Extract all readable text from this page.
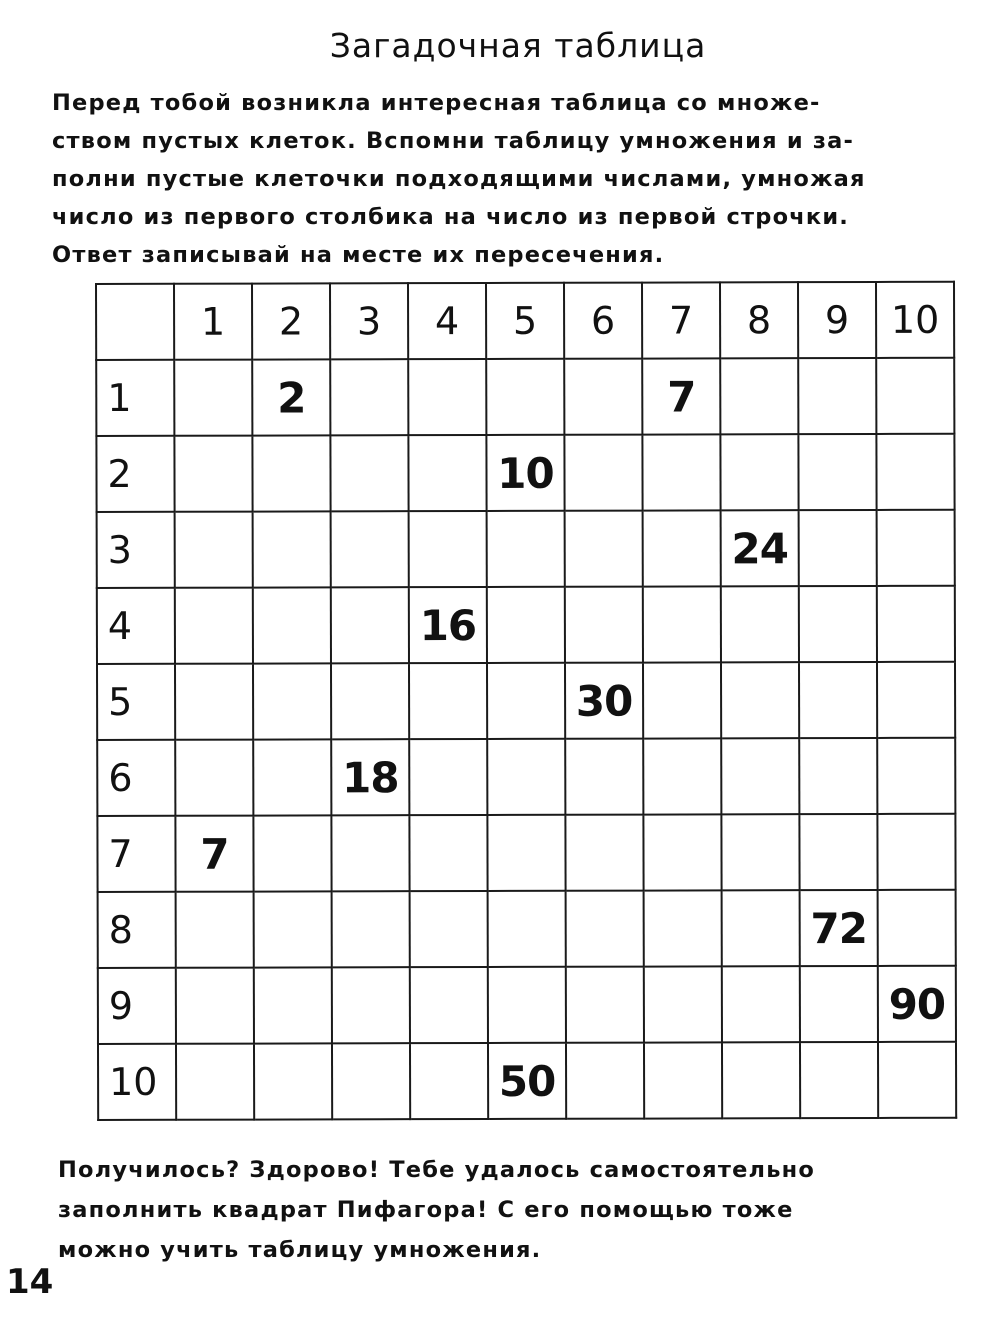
Загадочная таблица
Перед тобой возникла интересная таблица со множе-
ством пустых клеток. Вспомни таблицу умножения и за-
полни пустые клеточки подходящими числами, умножая
число из первого столбика на число из первой строчки.
Ответ записывай на месте их пересечения.
	1	2	3	4	5	6	7	8	9	10
1		2					7			
2					10					
3								24		
4				16						
5						30				
6			18							
7	7									
8									72	
9										90
10					50					
Получилось? Здорово! Тебе удалось самостоятельно
заполнить квадрат Пифагора! С его помощью тоже
можно учить таблицу умножения.
14
